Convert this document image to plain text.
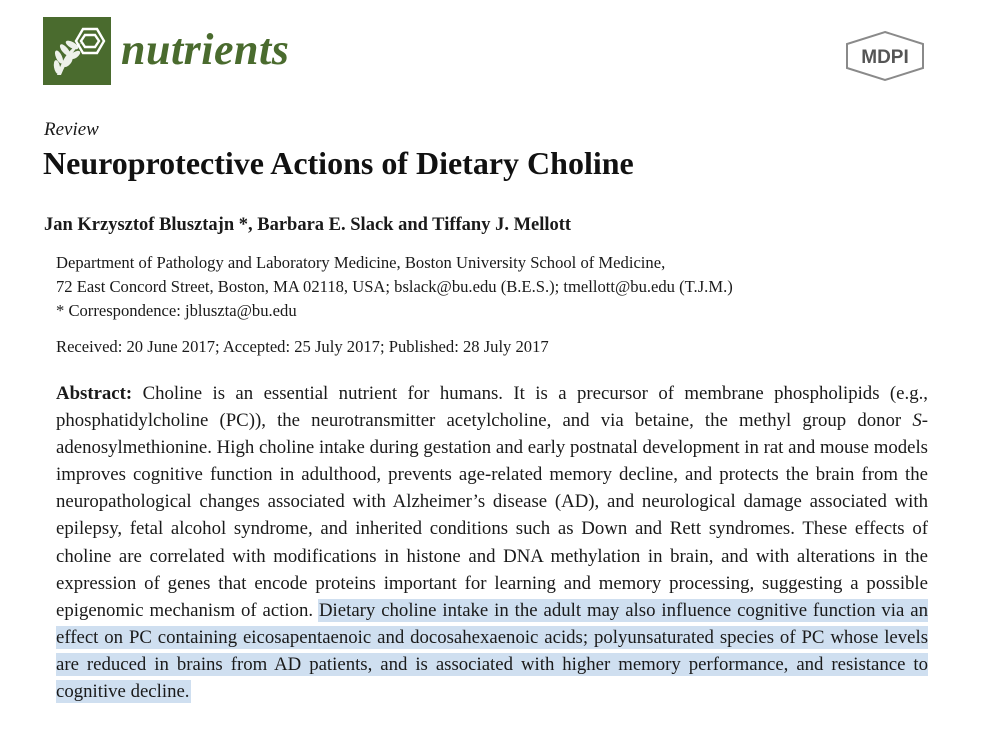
nutrients	MDPI
Review
Neuroprotective Actions of Dietary Choline
Jan Krzysztof Blusztajn *, Barbara E. Slack and Tiffany J. Mellott
Department of Pathology and Laboratory Medicine, Boston University School of Medicine,
72 East Concord Street, Boston, MA 02118, USA; bslack@bu.edu (B.E.S.); tmellott@bu.edu (T.J.M.)
* Correspondence: jbluszta@bu.edu
Received: 20 June 2017; Accepted: 25 July 2017; Published: 28 July 2017
Abstract: Choline is an essential nutrient for humans. It is a precursor of membrane phospholipids (e.g., phosphatidylcholine (PC)), the neurotransmitter acetylcholine, and via betaine, the methyl group donor S-adenosylmethionine. High choline intake during gestation and early postnatal development in rat and mouse models improves cognitive function in adulthood, prevents age-related memory decline, and protects the brain from the neuropathological changes associated with Alzheimer’s disease (AD), and neurological damage associated with epilepsy, fetal alcohol syndrome, and inherited conditions such as Down and Rett syndromes. These effects of choline are correlated with modifications in histone and DNA methylation in brain, and with alterations in the expression of genes that encode proteins important for learning and memory processing, suggesting a possible epigenomic mechanism of action. Dietary choline intake in the adult may also influence cognitive function via an effect on PC containing eicosapentaenoic and docosahexaenoic acids; polyunsaturated species of PC whose levels are reduced in brains from AD patients, and is associated with higher memory performance, and resistance to cognitive decline.
